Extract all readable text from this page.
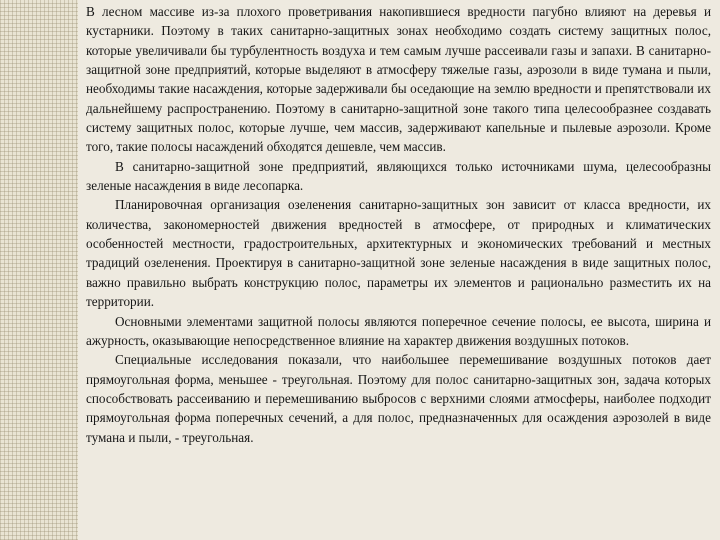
В лесном массиве из-за плохого проветривания накопившиеся вредности пагубно влияют на деревья и кустарники. Поэтому в таких санитарно-защитных зонах необходимо создать систему защитных полос, которые увеличивали бы турбулентность воздуха и тем самым лучше рассеивали газы и запахи. В санитарно-защитной зоне предприятий, которые выделяют в атмосферу тяжелые газы, аэрозоли в виде тумана и пыли, необходимы такие насаждения, которые задерживали бы оседающие на землю вредности и препятствовали их дальнейшему распространению. Поэтому в санитарно-защитной зоне такого типа целесообразнее создавать систему защитных полос, которые лучше, чем массив, задерживают капельные и пылевые аэрозоли. Кроме того, такие полосы насаждений обходятся дешевле, чем массив.

В санитарно-защитной зоне предприятий, являющихся только источниками шума, целесообразны зеленые насаждения в виде лесопарка.

Планировочная организация озеленения санитарно-защитных зон зависит от класса вредности, их количества, закономерностей движения вредностей в атмосфере, от природных и климатических особенностей местности, градостроительных, архитектурных и экономических требований и местных традиций озеленения. Проектируя в санитарно-защитной зоне зеленые насаждения в виде защитных полос, важно правильно выбрать конструкцию полос, параметры их элементов и рационально разместить их на территории.

Основными элементами защитной полосы являются поперечное сечение полосы, ее высота, ширина и ажурность, оказывающие непосредственное влияние на характер движения воздушных потоков.

Специальные исследования показали, что наибольшее перемешивание воздушных потоков дает прямоугольная форма, меньшее - треугольная. Поэтому для полос санитарно-защитных зон, задача которых способствовать рассеиванию и перемешиванию выбросов с верхними слоями атмосферы, наиболее подходит прямоугольная форма поперечных сечений, а для полос, предназначенных для осаждения аэрозолей в виде тумана и пыли, - треугольная.
